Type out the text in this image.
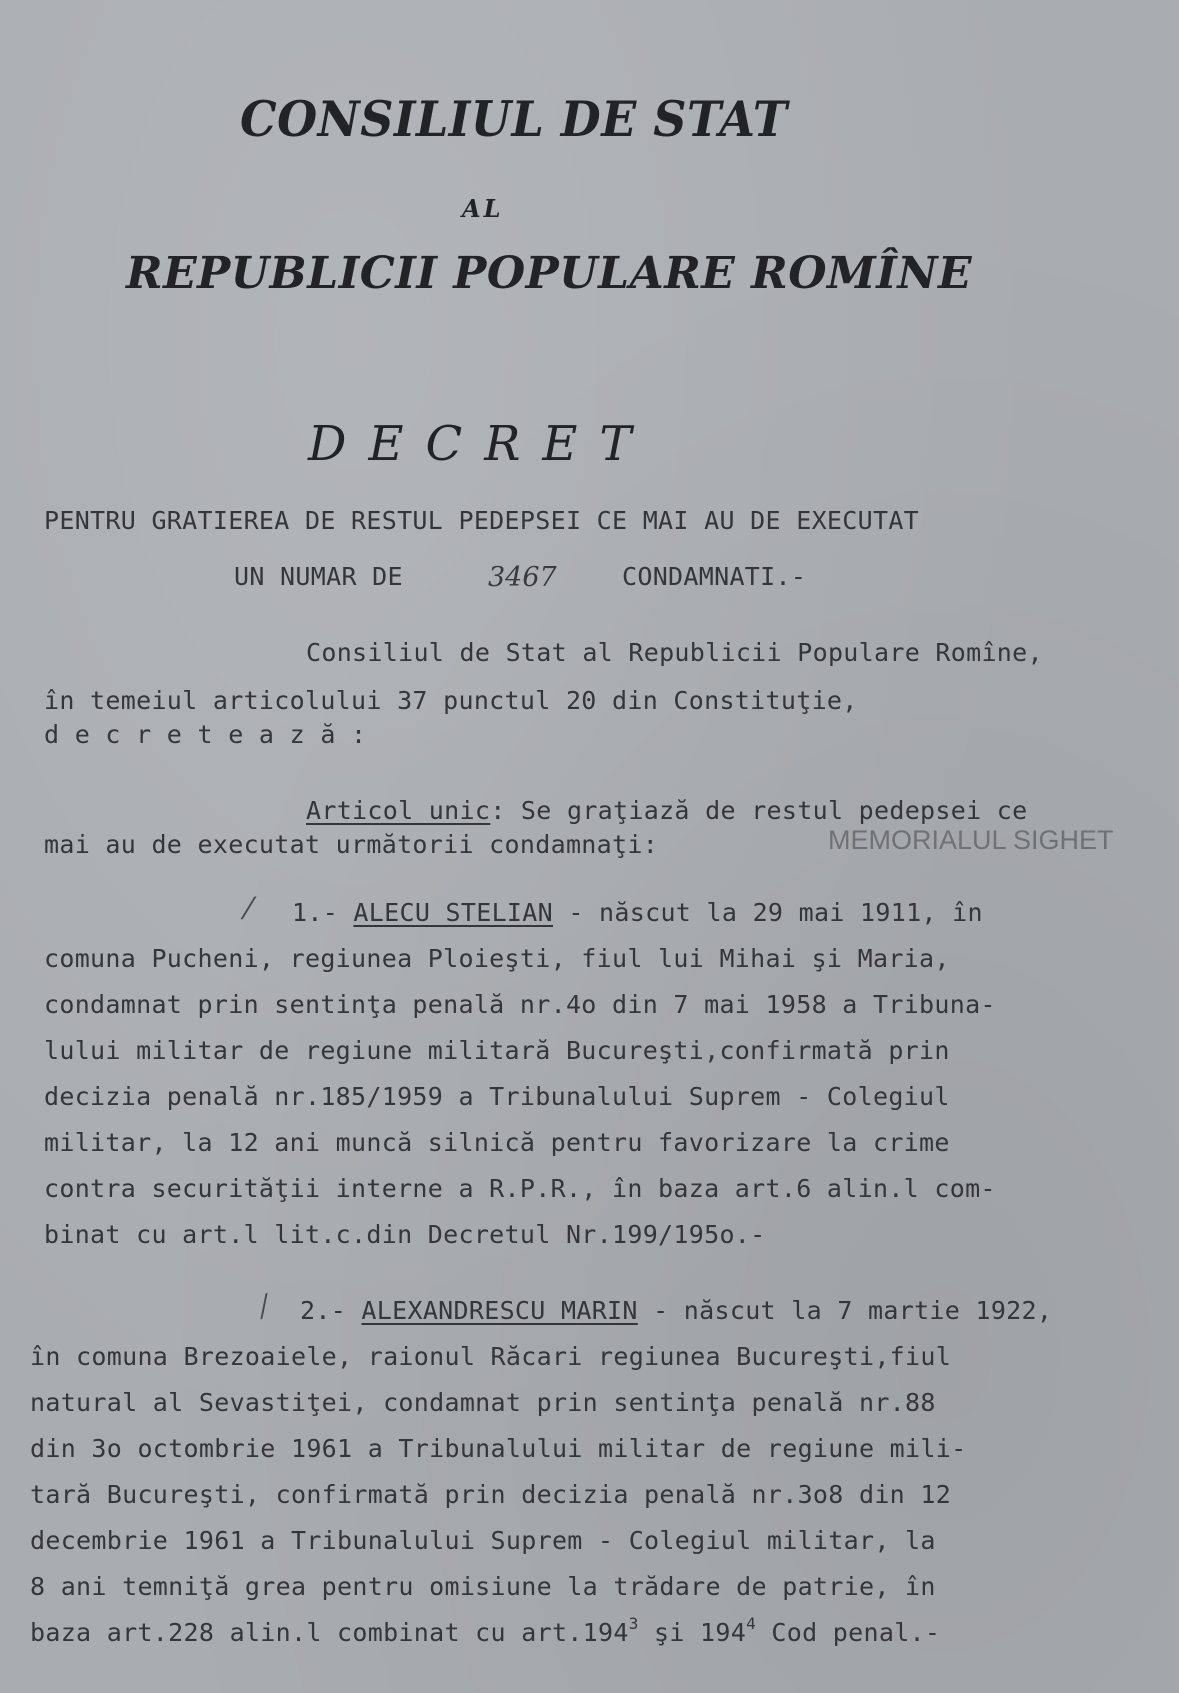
CONSILIUL DE STAT
AL
REPUBLICII POPULARE ROMÎNE
DECRET
PENTRU GRATIEREA DE RESTUL PEDEPSEI CE MAI AU DE EXECUTAT
UN NUMAR DE	3467	CONDAMNATI.-
Consiliul de Stat al Republicii Populare Romîne,
în temeiul articolului 37 punctul 20 din Constituţie,
d e c r e t e a z ă :
Articol unic: Se graţiază de restul pedepsei ce
mai au de executat următorii condamnaţi:	MEMORIALUL SIGHET
⁄ 1.- ALECU STELIAN - născut la 29 mai 1911, în
comuna Pucheni, regiunea Ploieşti, fiul lui Mihai şi Maria,
condamnat prin sentinţa penală nr.4o din 7 mai 1958 a Tribuna-
lului militar de regiune militară Bucureşti,confirmată prin
decizia penală nr.185/1959 a Tribunalului Suprem - Colegiul
militar, la 12 ani muncă silnică pentru favorizare la crime
contra securităţii interne a R.P.R., în baza art.6 alin.l com-
binat cu art.l lit.c.din Decretul Nr.199/195o.-
⁄ 2.- ALEXANDRESCU MARIN - născut la 7 martie 1922,
în comuna Brezoaiele, raionul Răcari regiunea Bucureşti,fiul
natural al Sevastiţei, condamnat prin sentinţa penală nr.88
din 3o octombrie 1961 a Tribunalului militar de regiune mili-
tară Bucureşti, confirmată prin decizia penală nr.3o8 din 12
decembrie 1961 a Tribunalului Suprem - Colegiul militar, la
8 ani temniţă grea pentru omisiune la trădare de patrie, în
baza art.228 alin.l combinat cu art.194$^3$ şi $194^4$ Cod penal.-
